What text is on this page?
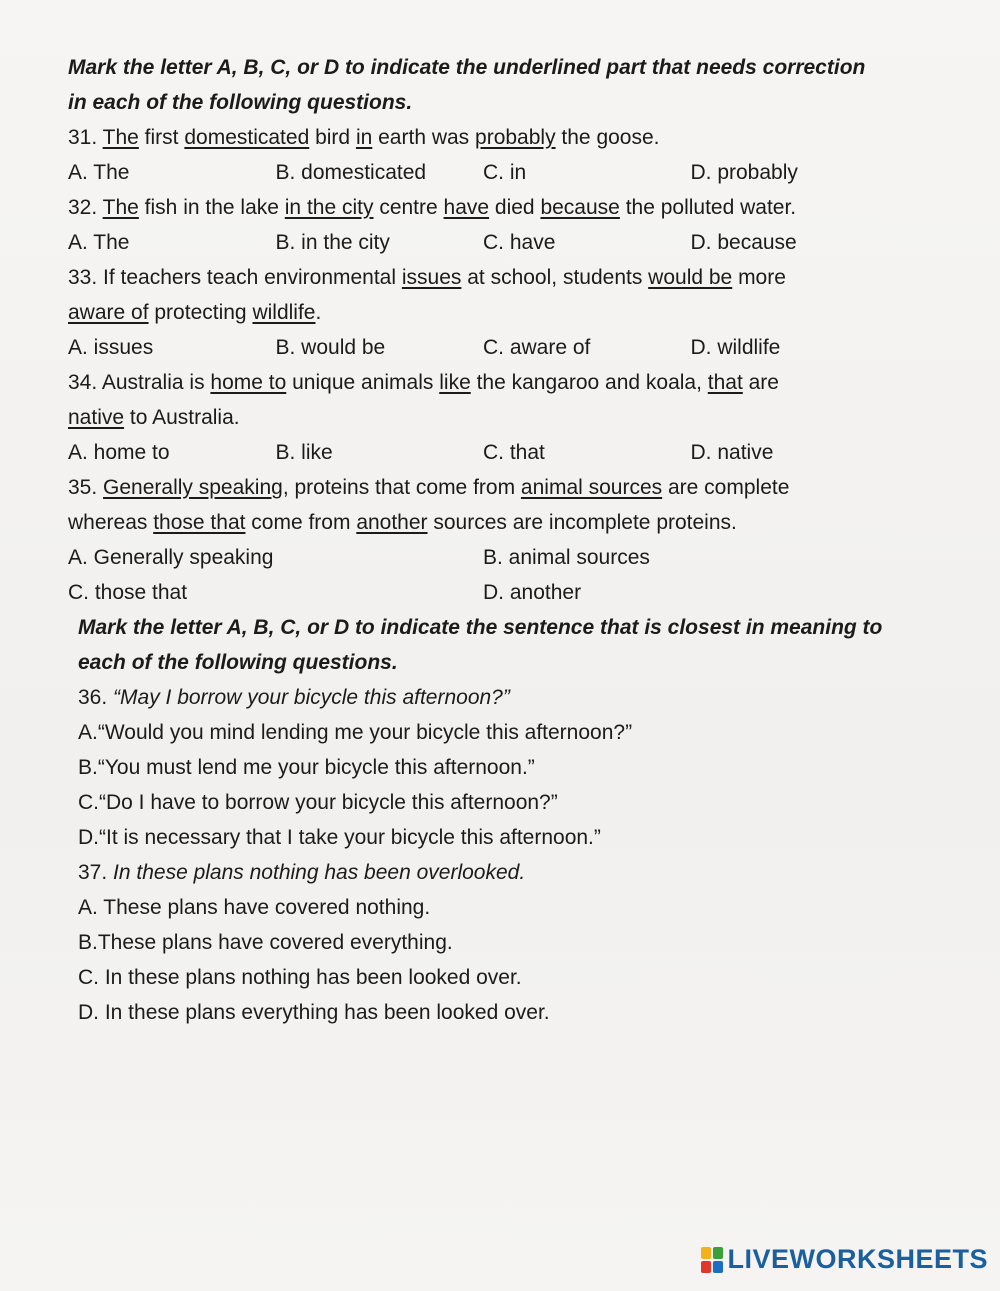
Mark the letter A, B, C, or D to indicate the underlined part that needs correction
in each of the following questions.

31. The first domesticated bird in earth was probably the goose.

A. The	B. domesticated	C. in	D. probably

32. The fish in the lake in the city centre have died because the polluted water.

A. The	B. in the city	C. have	D. because

33. If teachers teach environmental issues at school, students would be more
aware of protecting wildlife.

A. issues	B. would be	C. aware of	D. wildlife

34. Australia is home to unique animals like the kangaroo and koala, that are
native to Australia.

A. home to	B. like	C. that	D. native

35. Generally speaking, proteins that come from animal sources are complete
whereas those that come from another sources are incomplete proteins.

A. Generally speaking	B. animal sources
C. those that	D. another

Mark the letter A, B, C, or D to indicate the sentence that is closest in meaning to
each of the following questions.

36. “May I borrow your bicycle this afternoon?”

A.“Would you mind lending me your bicycle this afternoon?”

B.“You must lend me your bicycle this afternoon.”

C.“Do I have to borrow your bicycle this afternoon?”

D.“It is necessary that I take your bicycle this afternoon.”

37. In these plans nothing has been overlooked.

A. These plans have covered nothing.

B.These plans have covered everything.

C. In these plans nothing has been looked over.

D. In these plans everything has been looked over.

LIVEWORKSHEETS
